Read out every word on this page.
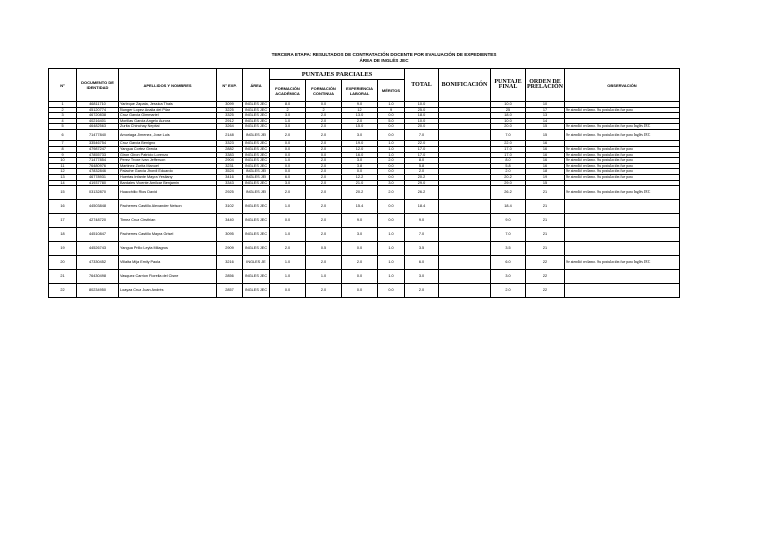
TERCERA ETAPA: RESULTADOS DE CONTRATACIÓN DOCENTE POR EVALUACIÓN DE EXPEDIENTES
ÁREA DE INGLÉS JEC
N°	DOCUMENTO DE IDENTIDAD	APELLIDOS Y NOMBRES	N° EXP.	ÁREA	PUNTAJES PARCIALES				TOTAL	BONIFICACIÓN	PUNTAJE FINAL	ORDEN DE PRELACIÓN	OBSERVACIÓN
					FORMACIÓN ACADÉMICA	FORMACIÓN CONTINUA	EXPERIENCIA LABORAL	MÉRITOS					
1	46811710	Yarleque Zapata, Jessica Thais	3099	INGLES JEC	8.0	0.0	9.0	1.0	10.0		10.0	10	
2	45120774	Ñunger Lopez Analia del Pilar	3225	INGLES JEC	2	2	12	9	25.0		25	17	Se atendió reclamo. Su postulación fue para
3	46720838	Cruz Garcia Gimmariel	3325	INGLES JEC	3.0	2.0	13.0	0.0	18.0		18.0	13	
4	40216401	Morillas Garcia Angelo Aurora	2912	INGLES JEC	1.0	2.0	2.0	5.0	10.0		10.0	14	
5	46482563	Zurita Chinchay Nepital	3264	INGLES JEC	3.0	2.0	15.0	0.0	20.0		20.0	15	Se atendió reclamo. Su postulación fue para Inglés JEC
6	71477840	Amoriaga Jimenez, Jose Luis	2148	INGLES JEI	2.0	2.0	3.0	0.0	7.0		7.0	15	Se atendió reclamo. Su postulación fue para Inglés JEC
7	33546754	Cruz Garcia Benigno	3323	INGLES JEC	0.0	2.0	19.0	1.0	22.0		22.0	16	
8	47987247	Yangua Cortez Grecia	2882	INGLES JEC	0.0	2.0	12.0	1.0	17.0		17.0	16	Se atendió reclamo. Su postulación fue para
9	47855733	Giron Giron Patricio Lorenzo	3383	INGLES JEC	0.0	0.0	16.0	1.0	17.0		17.0	16	Se atendió reclamo. Su postulación fue para
10	71477854	Perez Troxe Ivan Jefferson	2904	INGLES JEC	1.0	2.0	3.0	2.0	8.0		8.0	16	Se atendió reclamo. Su postulación fue para
11	76480976	Martinez Zurita Manuel	3231	INGLES JEC	0.0	2.0	3.8	0.0	5.8		5.8	16	Se atendió reclamo. Su postulación fue para
12	47832846	Palache Garcia Jhordi Eduardo	3524	INGLES JEI	0.0	2.0	0.0	0.0	2.0		2.0	18	Se atendió reclamo. Su postulación fue para
13	46778931	Huertas Infante Mayra Yesliany	3416	INGLES JEI	6.0	2.0	12.2	0.0	20.2		20.2	19	Se atendió reclamo. Su postulación fue para
14	41937780	Bardales Vicente Amilcar Benjamin	3343	INGLES JEC	3.0	2.0	21.0	3.0	29.0		29.0	15	
15	03132870	Huacchillo Rios David	2925	INGLES JEI	2.0	2.0	20.2	2.0	26.2		26.2	21	Se atendió reclamo. Su postulación fue para Inglés JEC
16	44503848	Pacherres Castillo Alexander Nelson	3102	INGLES JEC	1.0	2.0	15.4	0.0	18.4		18.4	21	
17	42748720	Timez Cruz Cirsthian	3440	INGLES JEC	0.0	2.0	9.0	0.0	9.0		9.0	21	
18	44510847	Pacherres Castillo Mayra Grisel	3095	INGLES JEC	1.0	2.0	3.0	1.0	7.0		7.0	21	
19	44526743	Yangua Prillo Leyla Milagros	2909	INGLES JEC	2.0	0.5	0.0	1.0	3.5		3.5	21	
20	47330452	Villalta Mija Emily Paola	3216	INGLES JE	1.0	2.0	2.0	1.0	6.0		6.0	22	Se atendió reclamo. Su postulación fue para Inglés JEC
21	76430498	Vasquez Carrion Fiorella del Cisne	2856	INGLES JEC	1.0	1.0	0.0	1.0	3.0		3.0	22	
22	80234950	Loayza Cruz Juan Andrés	2857	INGLES JEC	0.0	2.0	0.0	0.0	2.0		2.0	22	
